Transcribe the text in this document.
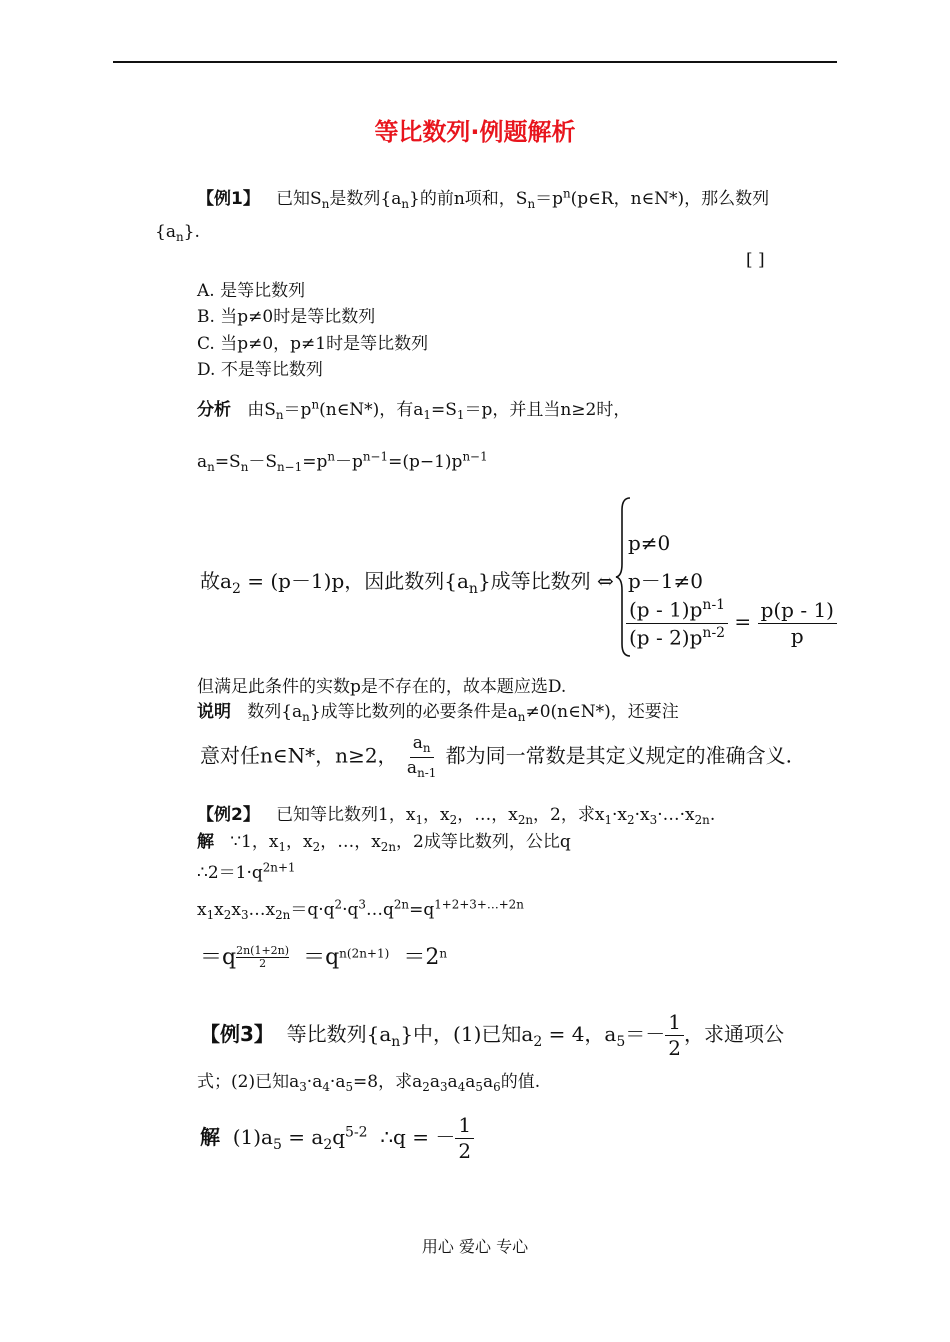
等比数列·例题解析
【例1】 已知$S_n$是数列$\{a_n\}$的前n项和，$S_n=p^n(p\in R$，n∈N*)，那么数列
$\{a_n\}$.
[ ]
A. 是等比数列
B. 当p≠0时是等比数列
C. 当p≠0，p≠1时是等比数列
D. 不是等比数列
分析 由$S_n=p^n(n\in N*)$，有$a_1=S_1=p$，并且当n≥2时，
$a_n=S_n-S_{n-1}=p^n-p^{n-1}=(p-1)p^{n-1}$
故$a_2 = (p-1)p$，因此数列$\{a_n\}$成等比数列 ⇔
p≠0
p－1≠0
$\frac{(p - 1)p^{n-1}}{(p - 2)p^{n-2}} = \frac{p(p - 1)}{p}$
但满足此条件的实数p是不存在的，故本题应选D.
说明 数列$\{a_n\}$成等比数列的必要条件是$a_n\ne 0(n\in N*)$，还要注
意对任n∈N*，n≥2， $\frac{a_n}{a_{n-1}}$ 都为同一常数是其定义规定的准确含义.
【例2】 已知等比数列1，$x_1$，$x_2$，…，$x_{2n}$，2，求$x_1\cdot x_2\cdot x_3\cdot\dots\cdot x_{2n}$.
解 ∵1，$x_1$，$x_2$，…，$x_{2n}$，2成等比数列，公比q
$\therefore 2=1\cdot q^{2n+1}$
$x_1x_2x_3\dots x_{2n}=q\cdot q^2\cdot q^3\dots q^{2n}=q^{1+2+3+\dots+2n}$
$=q \frac{2n(1+2n)}{2} =q^{n(2n+1)} =2^n$
【例3】 等比数列$\{a_n\}$中，(1)已知$a_2 = 4$，$a_5=- \frac{1}{2}$ ，求通项公
式；(2)已知$a_3\cdot a_4\cdot a_5=8$，求$a_2a_3a_4a_5a_6$的值.
解 $(1)a_5 = a_2q^{5-2}$ ∴q = － $\frac{1}{2}$
用心 爱心 专心
